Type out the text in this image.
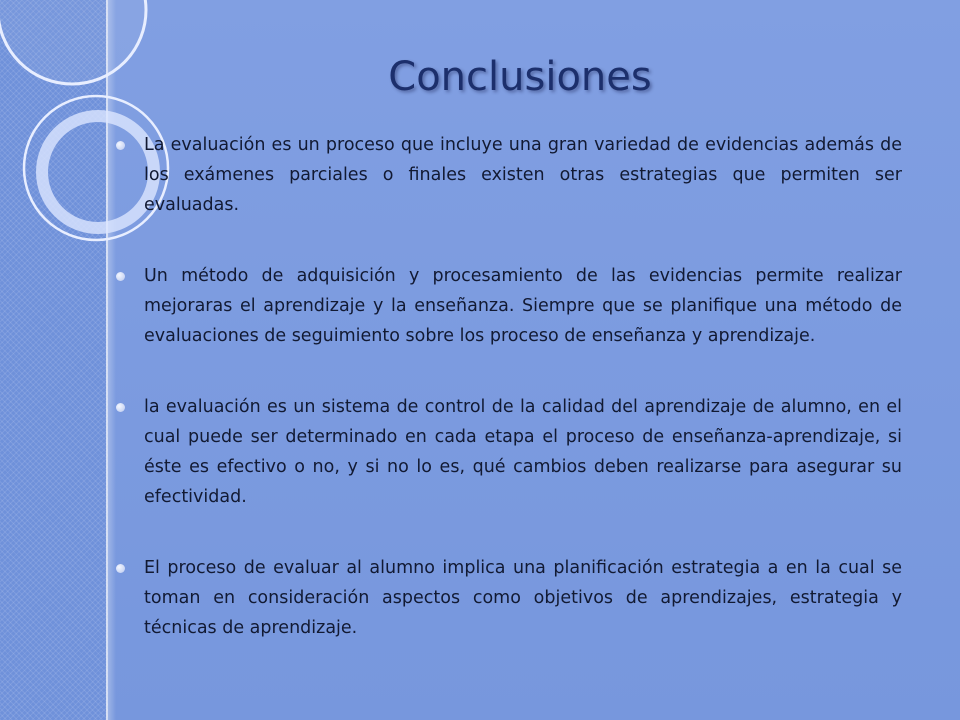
Conclusiones
La evaluación es un proceso que incluye una gran variedad de evidencias además de los exámenes parciales o finales existen otras estrategias que permiten ser evaluadas.
Un método de adquisición y procesamiento de las evidencias permite realizar mejoraras el aprendizaje y la enseñanza. Siempre que se planifique una método de evaluaciones de seguimiento sobre los proceso de enseñanza y aprendizaje.
la evaluación es un sistema de control de la calidad del aprendizaje de alumno, en el cual puede ser determinado en cada etapa el proceso de enseñanza-aprendizaje, si éste es efectivo o no, y si no lo es, qué cambios deben realizarse para asegurar su efectividad.
El proceso de evaluar al alumno implica una planificación estrategia a en la cual se toman en consideración aspectos como objetivos de aprendizajes, estrategia y técnicas de aprendizaje.
